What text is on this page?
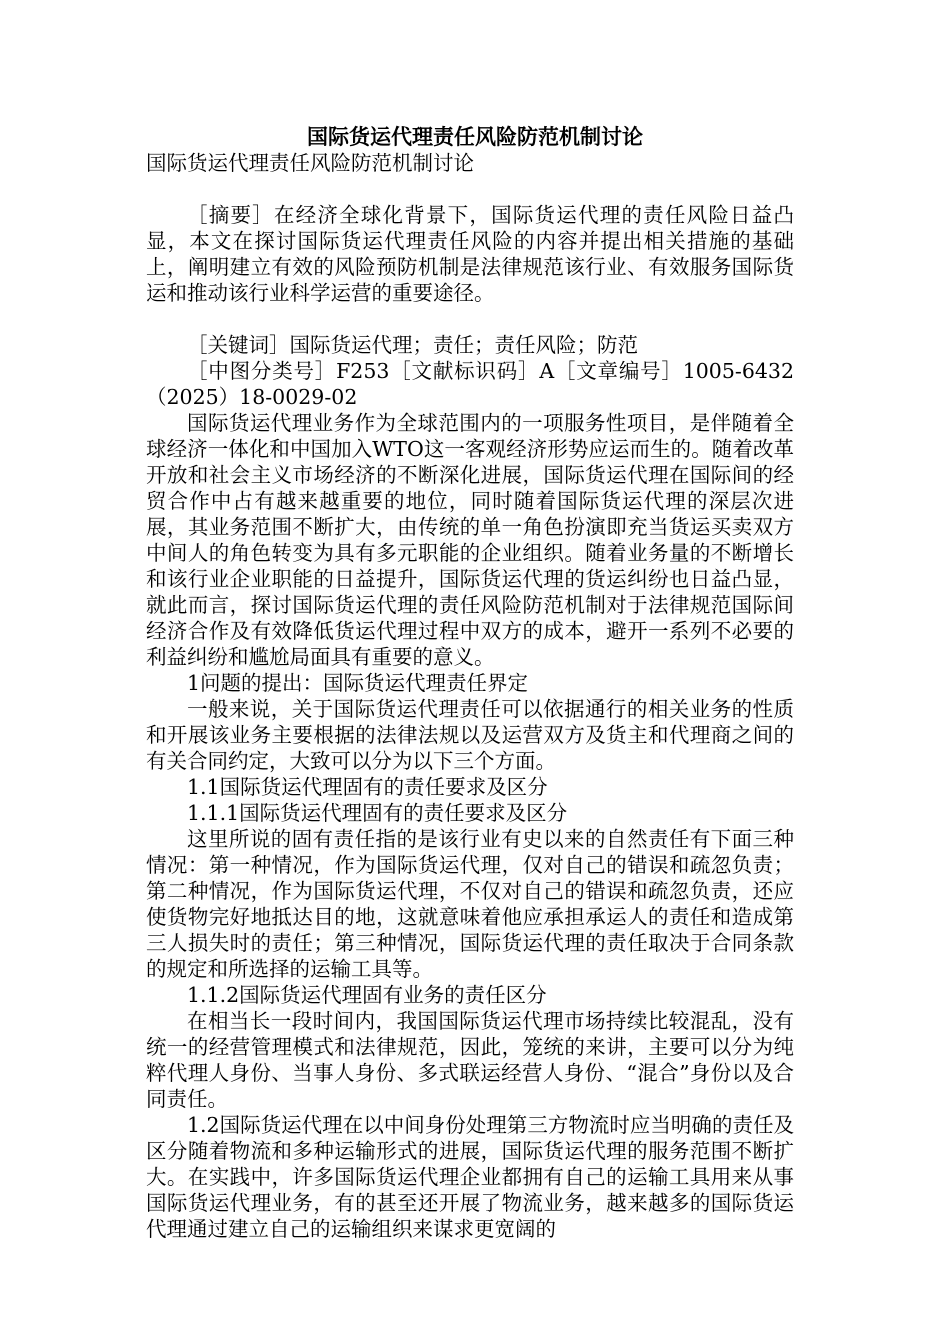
国际货运代理责任风险防范机制讨论

国际货运代理责任风险防范机制讨论

［摘要］在经济全球化背景下，国际货运代理的责任风险日益凸显，本文在探讨国际货运代理责任风险的内容并提出相关措施的基础上，阐明建立有效的风险预防机制是法律规范该行业、有效服务国际货运和推动该行业科学运营的重要途径。

［关键词］国际货运代理；责任；责任风险；防范

［中图分类号］F253［文献标识码］A［文章编号］1005-6432（2025）18-0029-02

国际货运代理业务作为全球范围内的一项服务性项目，是伴随着全球经济一体化和中国加入WTO这一客观经济形势应运而生的。随着改革开放和社会主义市场经济的不断深化进展，国际货运代理在国际间的经贸合作中占有越来越重要的地位，同时随着国际货运代理的深层次进展，其业务范围不断扩大，由传统的单一角色扮演即充当货运买卖双方中间人的角色转变为具有多元职能的企业组织。随着业务量的不断增长和该行业企业职能的日益提升，国际货运代理的货运纠纷也日益凸显，就此而言，探讨国际货运代理的责任风险防范机制对于法律规范国际间经济合作及有效降低货运代理过程中双方的成本，避开一系列不必要的利益纠纷和尴尬局面具有重要的意义。

1问题的提出：国际货运代理责任界定

一般来说，关于国际货运代理责任可以依据通行的相关业务的性质和开展该业务主要根据的法律法规以及运营双方及货主和代理商之间的有关合同约定，大致可以分为以下三个方面。

1.1国际货运代理固有的责任要求及区分

1.1.1国际货运代理固有的责任要求及区分

这里所说的固有责任指的是该行业有史以来的自然责任有下面三种情况：第一种情况，作为国际货运代理，仅对自己的错误和疏忽负责；第二种情况，作为国际货运代理，不仅对自己的错误和疏忽负责，还应使货物完好地抵达目的地，这就意味着他应承担承运人的责任和造成第三人损失时的责任；第三种情况，国际货运代理的责任取决于合同条款的规定和所选择的运输工具等。

1.1.2国际货运代理固有业务的责任区分

在相当长一段时间内，我国国际货运代理市场持续比较混乱，没有统一的经营管理模式和法律规范，因此，笼统的来讲，主要可以分为纯粹代理人身份、当事人身份、多式联运经营人身份、“混合”身份以及合同责任。

1.2国际货运代理在以中间身份处理第三方物流时应当明确的责任及区分随着物流和多种运输形式的进展，国际货运代理的服务范围不断扩大。在实践中，许多国际货运代理企业都拥有自己的运输工具用来从事国际货运代理业务，有的甚至还开展了物流业务，越来越多的国际货运代理通过建立自己的运输组织来谋求更宽阔的
